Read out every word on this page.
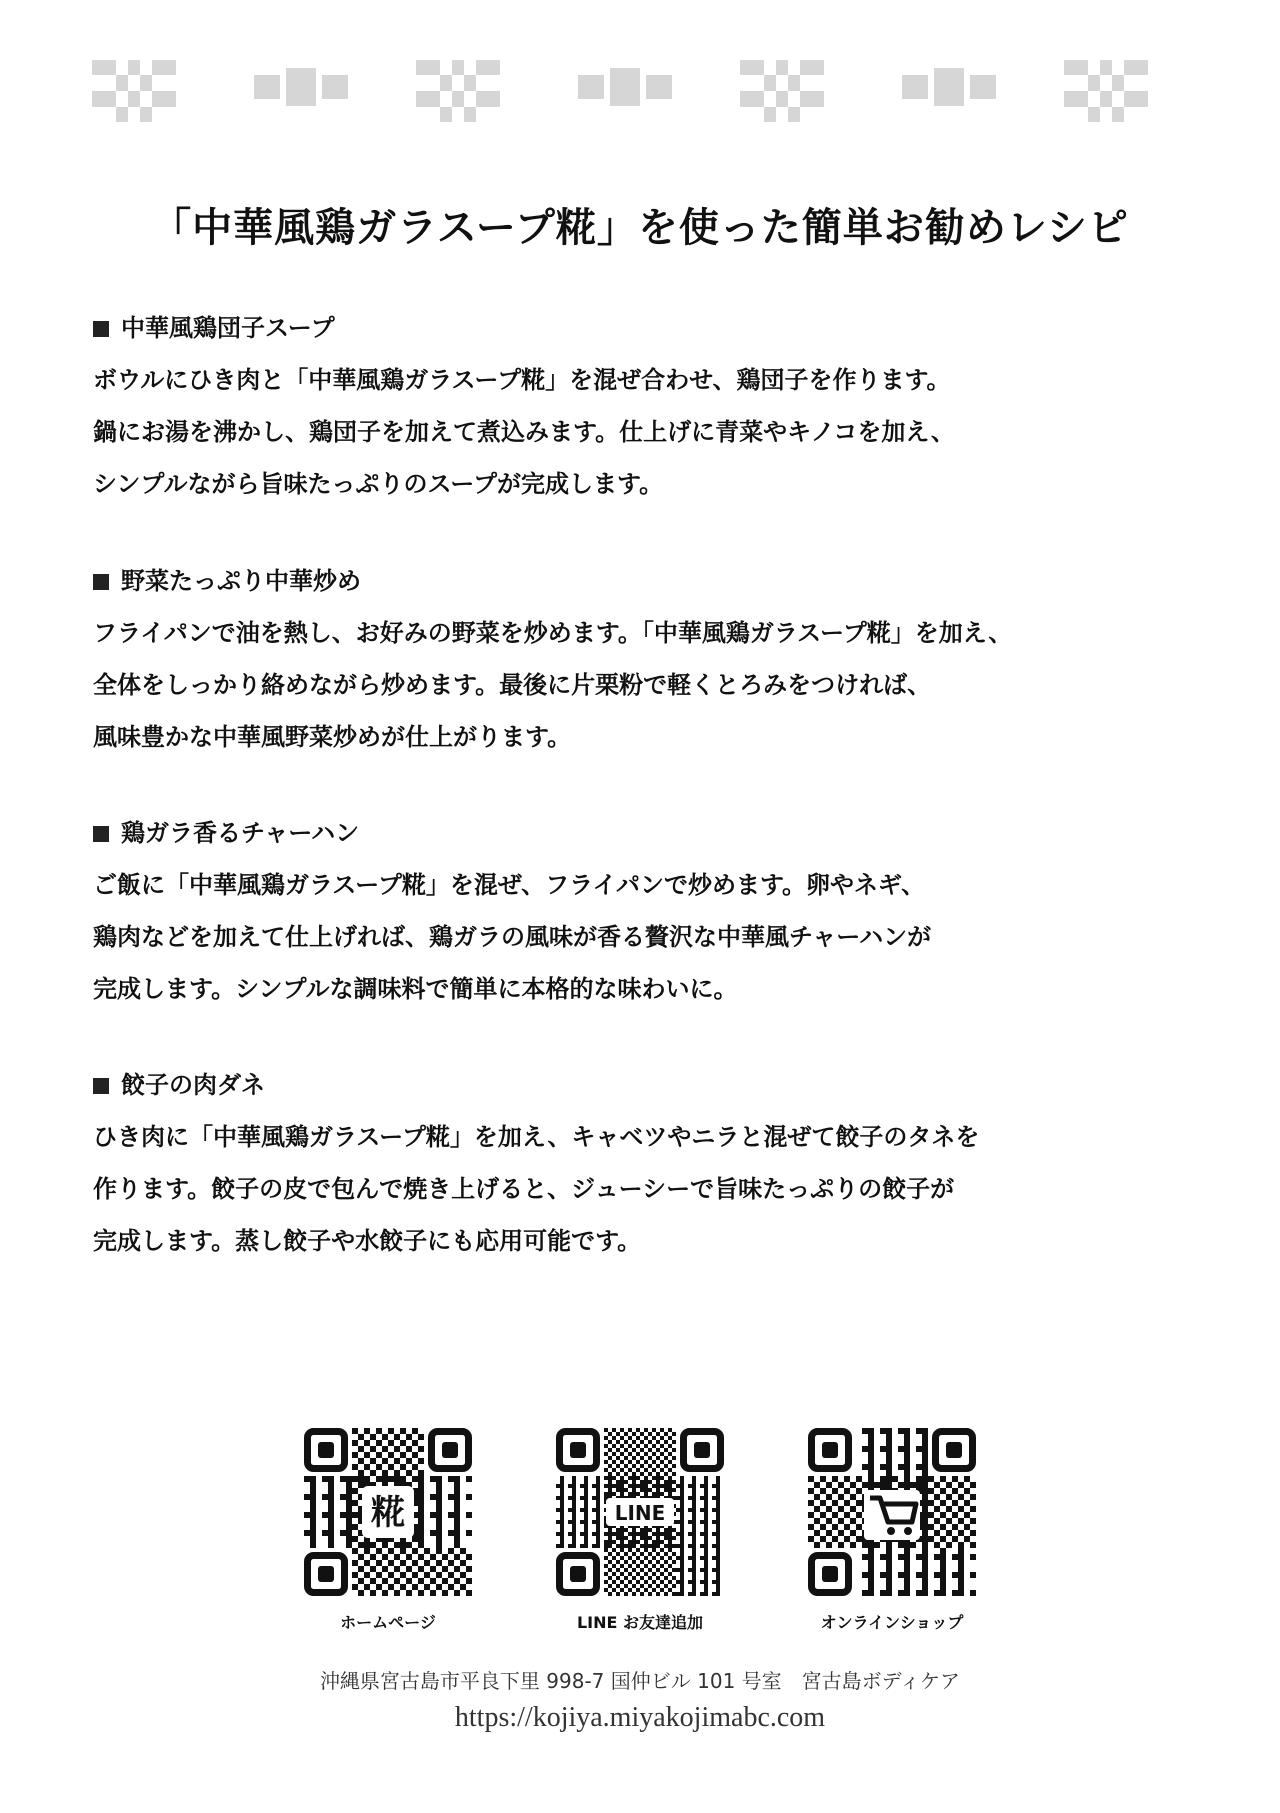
「中華風鶏ガラスープ糀」を使った簡単お勧めレシピ
中華風鶏団子スープ
ボウルにひき肉と「中華風鶏ガラスープ糀」を混ぜ合わせ、鶏団子を作ります。
鍋にお湯を沸かし、鶏団子を加えて煮込みます。仕上げに青菜やキノコを加え、
シンプルながら旨味たっぷりのスープが完成します。
野菜たっぷり中華炒め
フライパンで油を熱し、お好みの野菜を炒めます。「中華風鶏ガラスープ糀」を加え、
全体をしっかり絡めながら炒めます。最後に片栗粉で軽くとろみをつければ、
風味豊かな中華風野菜炒めが仕上がります。
鶏ガラ香るチャーハン
ご飯に「中華風鶏ガラスープ糀」を混ぜ、フライパンで炒めます。卵やネギ、
鶏肉などを加えて仕上げれば、鶏ガラの風味が香る贅沢な中華風チャーハンが
完成します。シンプルな調味料で簡単に本格的な味わいに。
餃子の肉ダネ
ひき肉に「中華風鶏ガラスープ糀」を加え、キャベツやニラと混ぜて餃子のタネを
作ります。餃子の皮で包んで焼き上げると、ジューシーで旨味たっぷりの餃子が
完成します。蒸し餃子や水餃子にも応用可能です。
糀
ホームページ
LINE
LINE お友達追加	オンラインショップ
沖縄県宮古島市平良下里 998-7 国仲ビル 101 号室　宮古島ボディケア
https://kojiya.miyakojimabc.com
